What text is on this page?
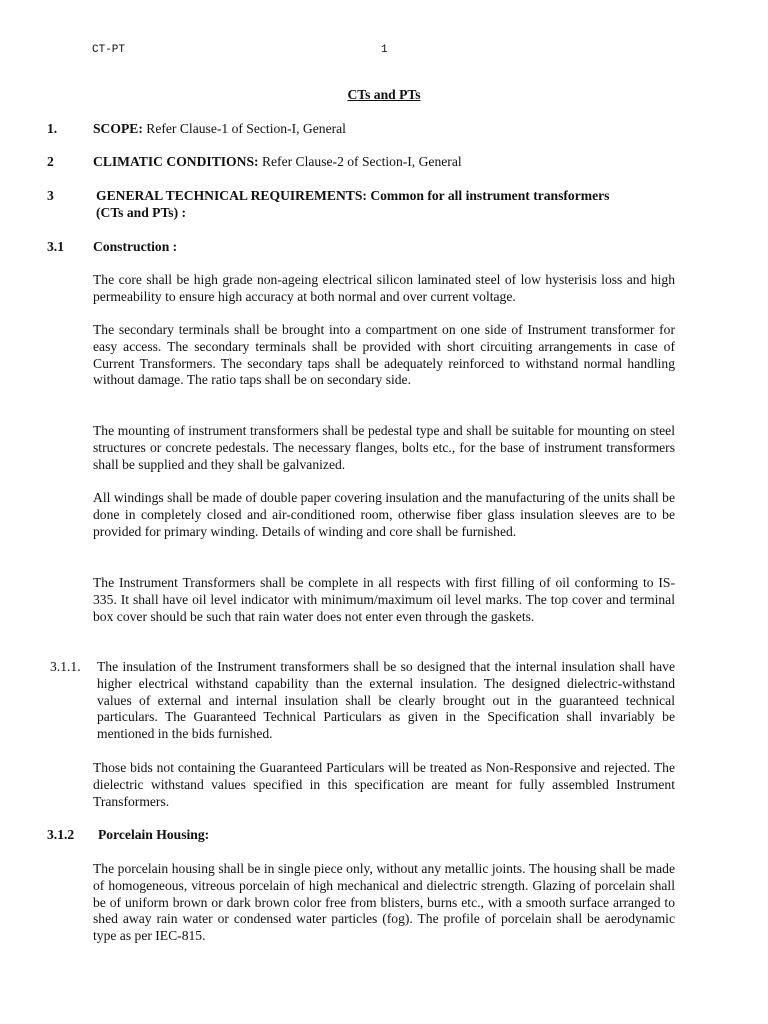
CT-PT	1
CTs and PTs
1.	SCOPE: Refer Clause-1 of Section-I, General
2	CLIMATIC CONDITIONS: Refer Clause-2 of Section-I, General
3	GENERAL TECHNICAL REQUIREMENTS: Common for all instrument transformers
(CTs and PTs) :
3.1 Construction :

The core shall be high grade non-ageing electrical silicon laminated steel of low hysterisis loss and high permeability to ensure high accuracy at both normal and over current voltage.

The secondary terminals shall be brought into a compartment on one side of Instrument transformer for easy access. The secondary terminals shall be provided with short circuiting arrangements in case of Current Transformers. The secondary taps shall be adequately reinforced to withstand normal handling without damage. The ratio taps shall be on secondary side.

The mounting of instrument transformers shall be pedestal type and shall be suitable for mounting on steel structures or concrete pedestals. The necessary flanges, bolts etc., for the base of instrument transformers shall be supplied and they shall be galvanized.

All windings shall be made of double paper covering insulation and the manufacturing of the units shall be done in completely closed and air-conditioned room, otherwise fiber glass insulation sleeves are to be provided for primary winding. Details of winding and core shall be furnished.

The Instrument Transformers shall be complete in all respects with first filling of oil conforming to IS-335. It shall have oil level indicator with minimum/maximum oil level marks. The top cover and terminal box cover should be such that rain water does not enter even through the gaskets.

3.1.1. The insulation of the Instrument transformers shall be so designed that the internal insulation shall have higher electrical withstand capability than the external insulation. The designed dielectric-withstand values of external and internal insulation shall be clearly brought out in the guaranteed technical particulars. The Guaranteed Technical Particulars as given in the Specification shall invariably be mentioned in the bids furnished.

Those bids not containing the Guaranteed Particulars will be treated as Non-Responsive and rejected. The dielectric withstand values specified in this specification are meant for fully assembled Instrument Transformers.

3.1.2 Porcelain Housing:

The porcelain housing shall be in single piece only, without any metallic joints. The housing shall be made of homogeneous, vitreous porcelain of high mechanical and dielectric strength. Glazing of porcelain shall be of uniform brown or dark brown color free from blisters, burns etc., with a smooth surface arranged to shed away rain water or condensed water particles (fog). The profile of porcelain shall be aerodynamic type as per IEC-815.
